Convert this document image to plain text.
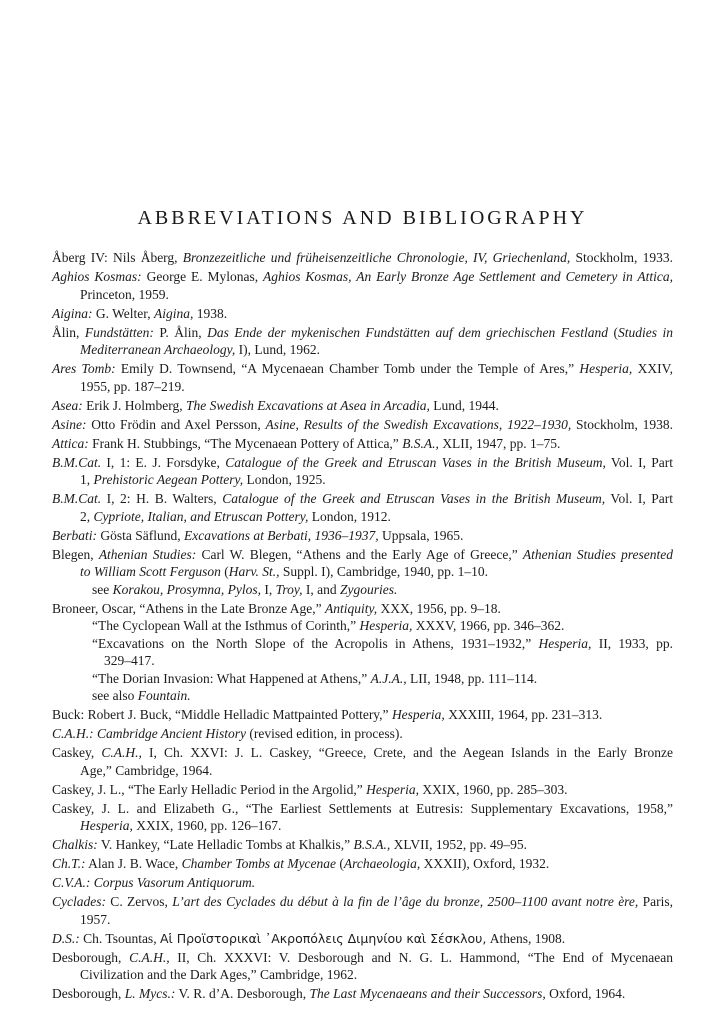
ABBREVIATIONS AND BIBLIOGRAPHY
Åberg IV: Nils Åberg, Bronzezeitliche und früheisenzeitliche Chronologie, IV, Griechenland, Stockholm, 1933.
Aghios Kosmas: George E. Mylonas, Aghios Kosmas, An Early Bronze Age Settlement and Cemetery in Attica,
Princeton, 1959.
Aigina: G. Welter, Aigina, 1938.
Ålin, Fundstätten: P. Ålin, Das Ende der mykenischen Fundstätten auf dem griechischen Festland (Studies in
Mediterranean Archaeology, I), Lund, 1962.
Ares Tomb: Emily D. Townsend, “A Mycenaean Chamber Tomb under the Temple of Ares,” Hesperia, XXIV,
1955, pp. 187–219.
Asea: Erik J. Holmberg, The Swedish Excavations at Asea in Arcadia, Lund, 1944.
Asine: Otto Frödin and Axel Persson, Asine, Results of the Swedish Excavations, 1922–1930, Stockholm, 1938.
Attica: Frank H. Stubbings, “The Mycenaean Pottery of Attica,” B.S.A., XLII, 1947, pp. 1–75.
B.M.Cat. I, 1: E. J. Forsdyke, Catalogue of the Greek and Etruscan Vases in the British Museum, Vol. I, Part
1, Prehistoric Aegean Pottery, London, 1925.
B.M.Cat. I, 2: H. B. Walters, Catalogue of the Greek and Etruscan Vases in the British Museum, Vol. I, Part
2, Cypriote, Italian, and Etruscan Pottery, London, 1912.
Berbati: Gösta Säflund, Excavations at Berbati, 1936–1937, Uppsala, 1965.
Blegen, Athenian Studies: Carl W. Blegen, “Athens and the Early Age of Greece,” Athenian Studies presented
to William Scott Ferguson (Harv. St., Suppl. I), Cambridge, 1940, pp. 1–10.
see Korakou, Prosymna, Pylos, I, Troy, I, and Zygouries.
Broneer, Oscar, “Athens in the Late Bronze Age,” Antiquity, XXX, 1956, pp. 9–18.
“The Cyclopean Wall at the Isthmus of Corinth,” Hesperia, XXXV, 1966, pp. 346–362.
“Excavations on the North Slope of the Acropolis in Athens, 1931–1932,” Hesperia, II, 1933, pp.
329–417.
“The Dorian Invasion: What Happened at Athens,” A.J.A., LII, 1948, pp. 111–114.
see also Fountain.
Buck: Robert J. Buck, “Middle Helladic Mattpainted Pottery,” Hesperia, XXXIII, 1964, pp. 231–313.
C.A.H.: Cambridge Ancient History (revised edition, in process).
Caskey, C.A.H., I, Ch. XXVI: J. L. Caskey, “Greece, Crete, and the Aegean Islands in the Early Bronze
Age,” Cambridge, 1964.
Caskey, J. L., “The Early Helladic Period in the Argolid,” Hesperia, XXIX, 1960, pp. 285–303.
Caskey, J. L. and Elizabeth G., “The Earliest Settlements at Eutresis: Supplementary Excavations, 1958,”
Hesperia, XXIX, 1960, pp. 126–167.
Chalkis: V. Hankey, “Late Helladic Tombs at Khalkis,” B.S.A., XLVII, 1952, pp. 49–95.
Ch.T.: Alan J. B. Wace, Chamber Tombs at Mycenae (Archaeologia, XXXII), Oxford, 1932.
C.V.A.: Corpus Vasorum Antiquorum.
Cyclades: C. Zervos, L’art des Cyclades du début à la fin de l’âge du bronze, 2500–1100 avant notre ère, Paris,
1957.
D.S.: Ch. Tsountas, Αἱ Προϊστορικαὶ ᾿Ακροπόλεις Διμηνίου καὶ Σέσκλου, Athens, 1908.
Desborough, C.A.H., II, Ch. XXXVI: V. Desborough and N. G. L. Hammond, “The End of Mycenaean
Civilization and the Dark Ages,” Cambridge, 1962.
Desborough, L. Mycs.: V. R. d’A. Desborough, The Last Mycenaeans and their Successors, Oxford, 1964.
